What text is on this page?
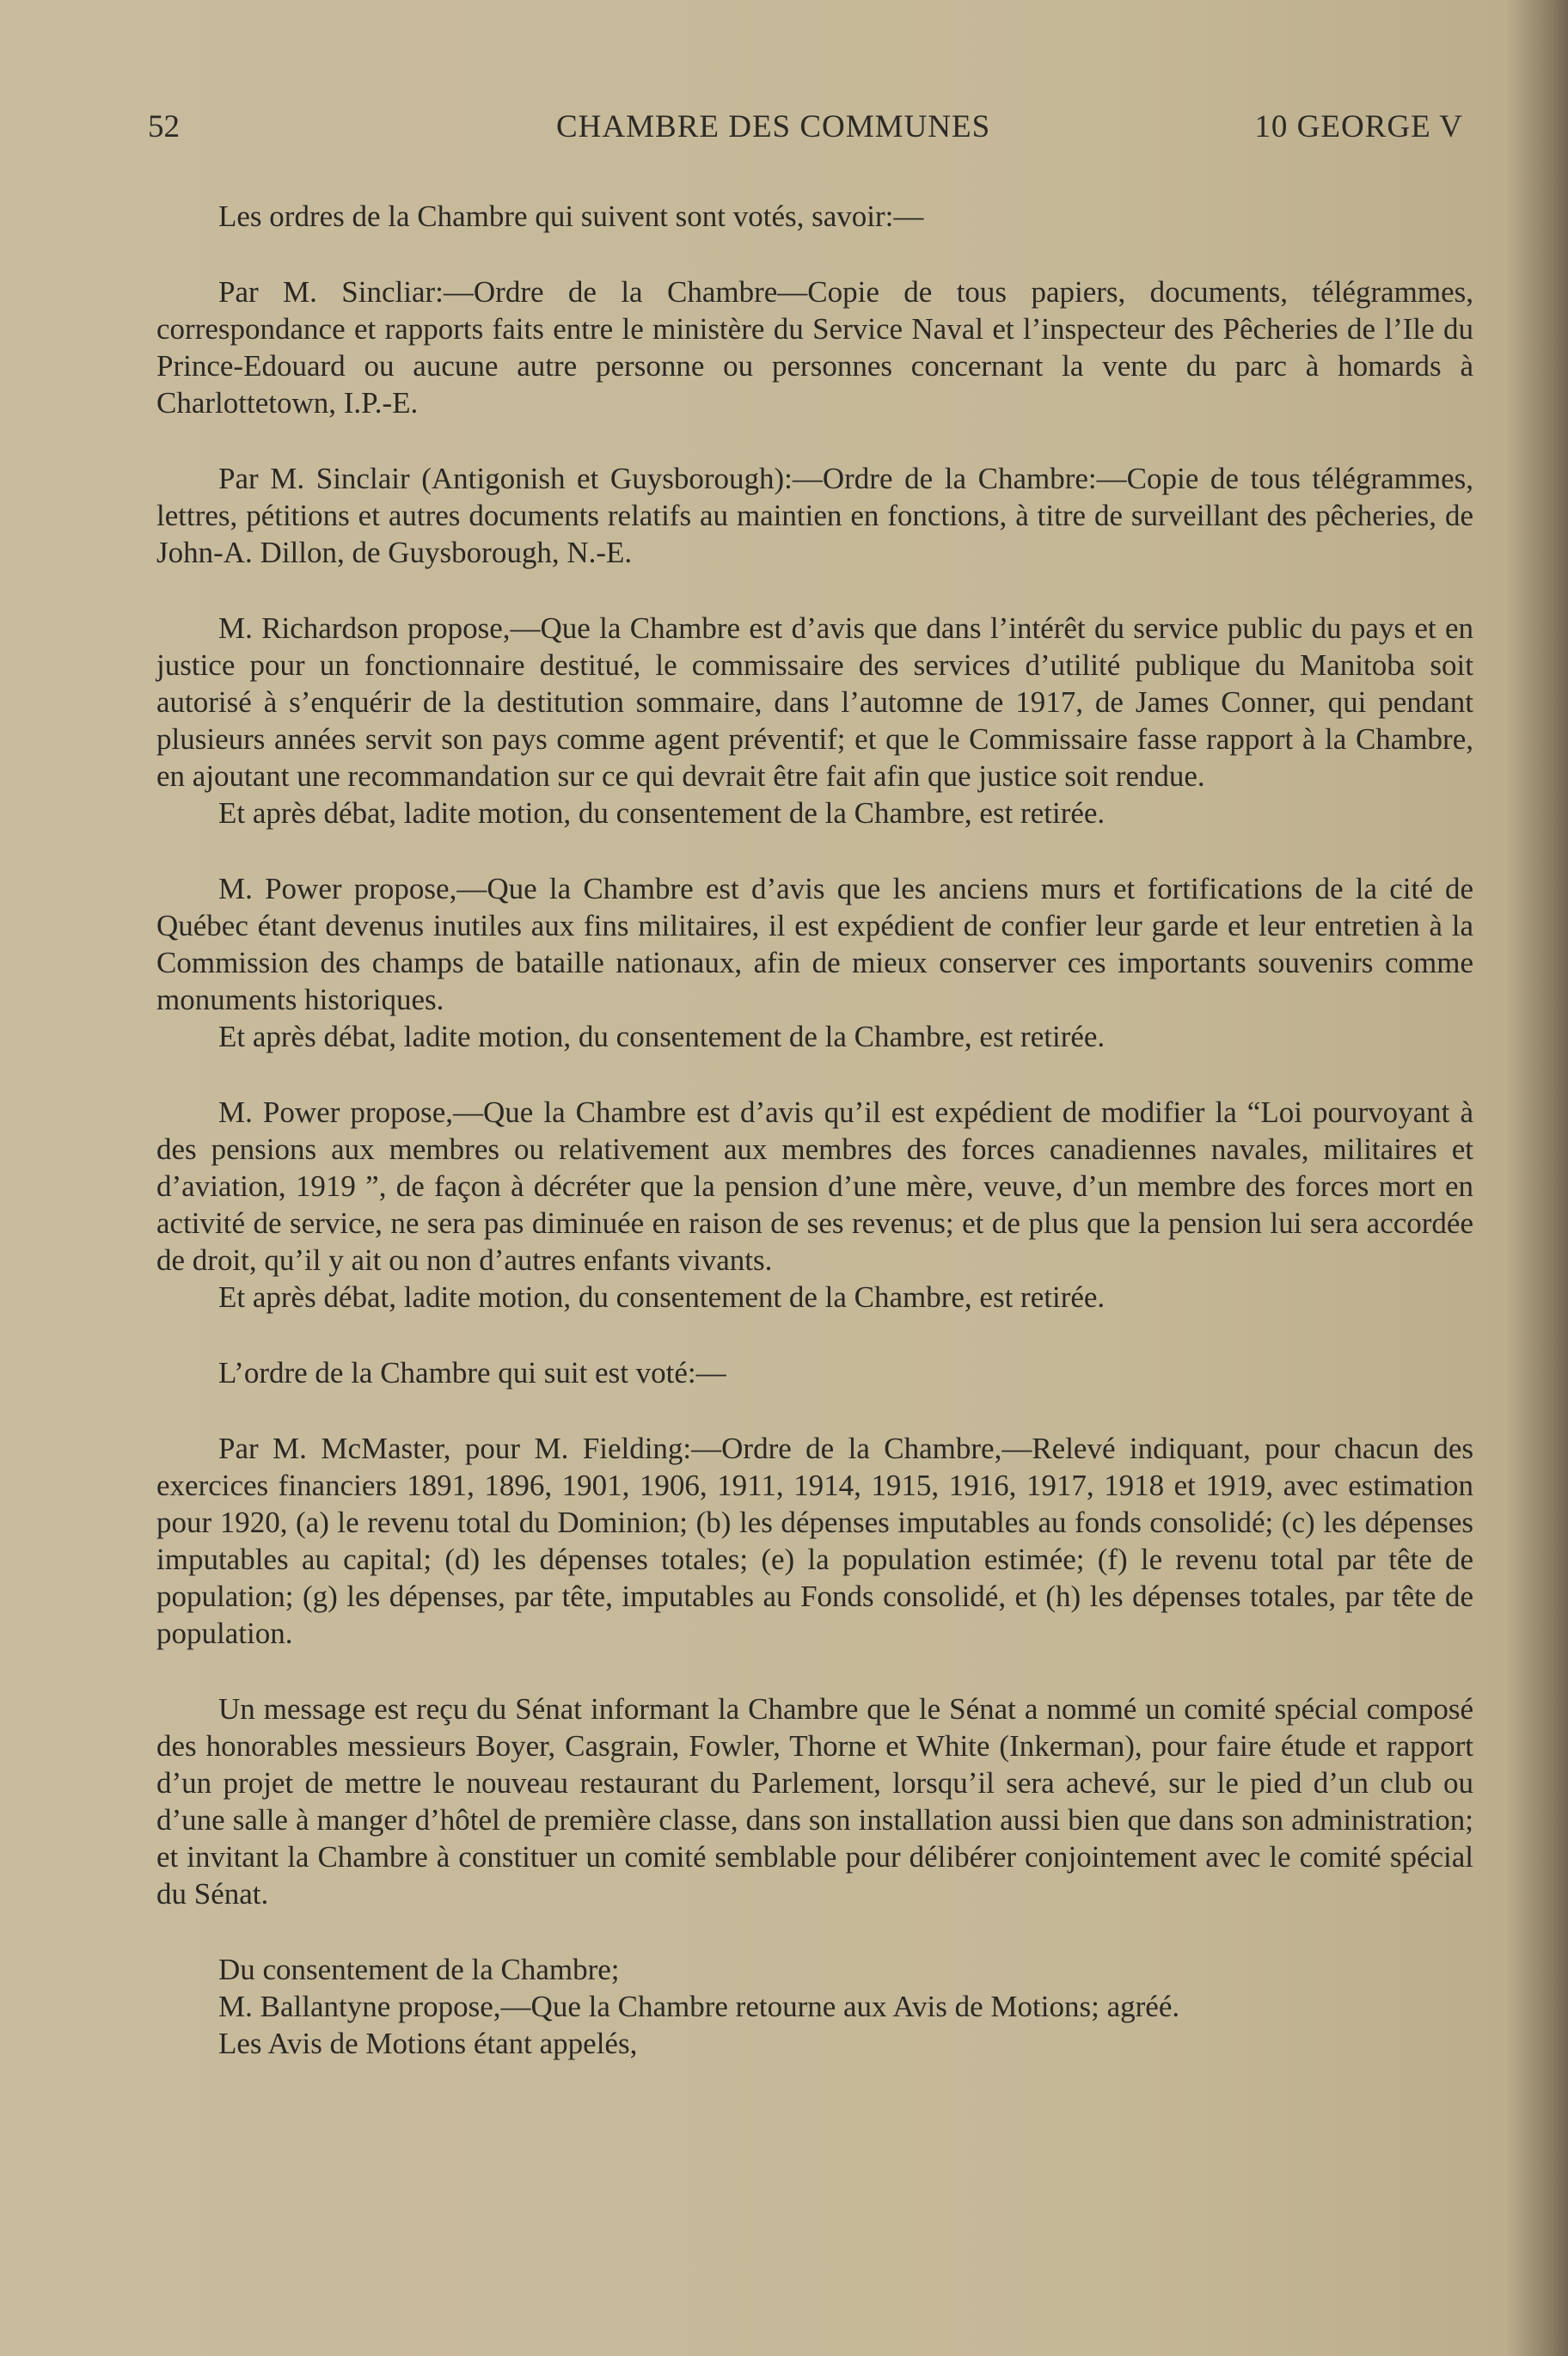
52	CHAMBRE DES COMMUNES	10 GEORGE V

Les ordres de la Chambre qui suivent sont votés, savoir:—

Par M. Sincliar:—Ordre de la Chambre—Copie de tous papiers, documents, télégrammes, correspondance et rapports faits entre le ministère du Service Naval et l’inspecteur des Pêcheries de l’Ile du Prince-Edouard ou aucune autre personne ou personnes concernant la vente du parc à homards à Charlottetown, I.P.-E.

Par M. Sinclair (Antigonish et Guysborough):—Ordre de la Chambre:—Copie de tous télégrammes, lettres, pétitions et autres documents relatifs au maintien en fonctions, à titre de surveillant des pêcheries, de John-A. Dillon, de Guysborough, N.-E.

M. Richardson propose,—Que la Chambre est d’avis que dans l’intérêt du service public du pays et en justice pour un fonctionnaire destitué, le commissaire des services d’utilité publique du Manitoba soit autorisé à s’enquérir de la destitution sommaire, dans l’automne de 1917, de James Conner, qui pendant plusieurs années servit son pays comme agent préventif; et que le Commissaire fasse rapport à la Chambre, en ajoutant une recommandation sur ce qui devrait être fait afin que justice soit rendue.

Et après débat, ladite motion, du consentement de la Chambre, est retirée.

M. Power propose,—Que la Chambre est d’avis que les anciens murs et fortifications de la cité de Québec étant devenus inutiles aux fins militaires, il est expédient de confier leur garde et leur entretien à la Commission des champs de bataille nationaux, afin de mieux conserver ces importants souvenirs comme monuments historiques.

Et après débat, ladite motion, du consentement de la Chambre, est retirée.

M. Power propose,—Que la Chambre est d’avis qu’il est expédient de modifier la “Loi pourvoyant à des pensions aux membres ou relativement aux membres des forces canadiennes navales, militaires et d’aviation, 1919 ”, de façon à décréter que la pension d’une mère, veuve, d’un membre des forces mort en activité de service, ne sera pas diminuée en raison de ses revenus; et de plus que la pension lui sera accordée de droit, qu’il y ait ou non d’autres enfants vivants.

Et après débat, ladite motion, du consentement de la Chambre, est retirée.

L’ordre de la Chambre qui suit est voté:—

Par M. McMaster, pour M. Fielding:—Ordre de la Chambre,—Relevé indiquant, pour chacun des exercices financiers 1891, 1896, 1901, 1906, 1911, 1914, 1915, 1916, 1917, 1918 et 1919, avec estimation pour 1920, (a) le revenu total du Dominion; (b) les dépenses imputables au fonds consolidé; (c) les dépenses imputables au capital; (d) les dépenses totales; (e) la population estimée; (f) le revenu total par tête de population; (g) les dépenses, par tête, imputables au Fonds consolidé, et (h) les dépenses totales, par tête de population.

Un message est reçu du Sénat informant la Chambre que le Sénat a nommé un comité spécial composé des honorables messieurs Boyer, Casgrain, Fowler, Thorne et White (Inkerman), pour faire étude et rapport d’un projet de mettre le nouveau restaurant du Parlement, lorsqu’il sera achevé, sur le pied d’un club ou d’une salle à manger d’hôtel de première classe, dans son installation aussi bien que dans son administration; et invitant la Chambre à constituer un comité semblable pour délibérer conjointement avec le comité spécial du Sénat.

Du consentement de la Chambre;

M. Ballantyne propose,—Que la Chambre retourne aux Avis de Motions; agréé.

Les Avis de Motions étant appelés,
